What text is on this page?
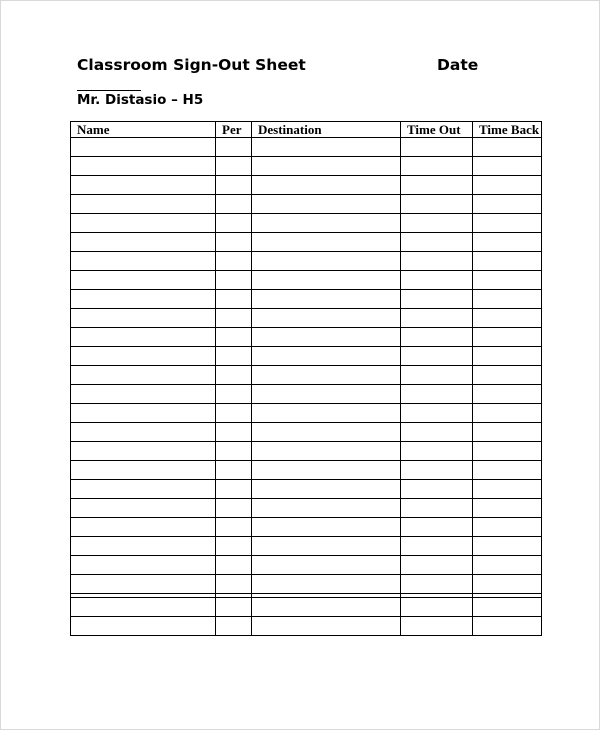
Classroom Sign-Out Sheet	Date
Mr. Distasio – H5
Name	Per	Destination	Time Out	Time Back
